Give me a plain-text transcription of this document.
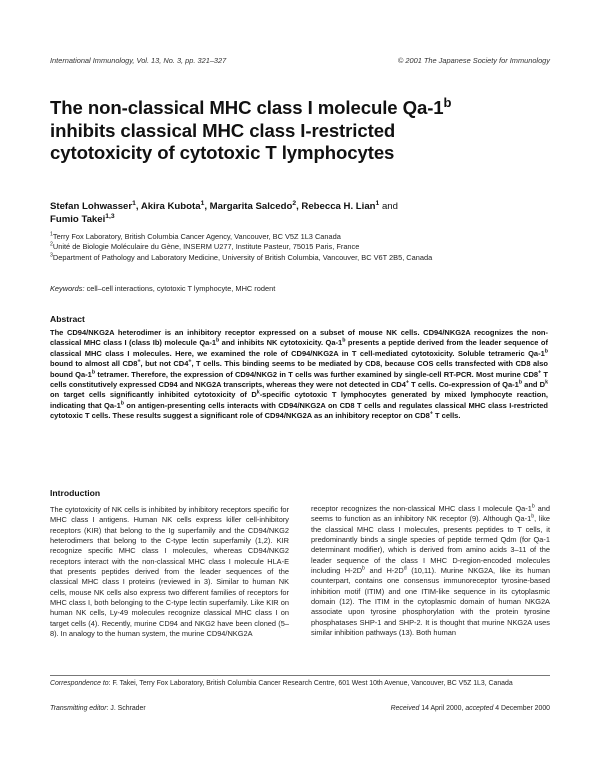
International Immunology, Vol. 13, No. 3, pp. 321–327	© 2001 The Japanese Society for Immunology
The non-classical MHC class I molecule Qa-1$^b$ inhibits classical MHC class I-restricted cytotoxicity of cytotoxic T lymphocytes
Stefan Lohwasser$^1$, Akira Kubota$^1$, Margarita Salcedo$^2$, Rebecca H. Lian$^1$ and
Fumio Takei$^{1,3}$
$^1$Terry Fox Laboratory, British Columbia Cancer Agency, Vancouver, BC V5Z 1L3 Canada
$^2$Unité de Biologie Moléculaire du Gène, INSERM U277, Institute Pasteur, 75015 Paris, France
$^3$Department of Pathology and Laboratory Medicine, University of British Columbia, Vancouver, BC V6T 2B5, Canada
Keywords: cell–cell interactions, cytotoxic T lymphocyte, MHC rodent
Abstract
The CD94/NKG2A heterodimer is an inhibitory receptor expressed on a subset of mouse NK cells. CD94/NKG2A recognizes the non-classical MHC class I (class Ib) molecule Qa-1$^b$ and inhibits NK cytotoxicity. Qa-1$^b$ presents a peptide derived from the leader sequence of classical MHC class I molecules. Here, we examined the role of CD94/NKG2A in T cell-mediated cytotoxicity. Soluble tetrameric Qa-1$^b$ bound to almost all CD8+, but not CD4+, T cells. This binding seems to be mediated by CD8, because COS cells transfected with CD8 also bound Qa-1$^b$ tetramer. Therefore, the expression of CD94/NKG2 in T cells was further examined by single-cell RT-PCR. Most murine CD8+ T cells constitutively expressed CD94 and NKG2A transcripts, whereas they were not detected in CD4+ T cells. Co-expression of Qa-1$^b$ and $D^k$ on target cells significantly inhibited cytotoxicity of $D^k$-specific cytotoxic T lymphocytes generated by mixed lymphocyte reaction, indicating that Qa-1$^b$ on antigen-presenting cells interacts with CD94/NKG2A on CD8 T cells and regulates classical MHC class I-restricted cytotoxic T cells. These results suggest a significant role of CD94/NKG2A as an inhibitory receptor on CD8+ T cells.
Introduction

The cytotoxicity of NK cells is inhibited by inhibitory receptors specific for MHC class I antigens. Human NK cells express killer cell-inhibitory receptors (KIR) that belong to the Ig superfamily and the CD94/NKG2 heterodimers that belong to the C-type lectin superfamily (1,2). KIR recognize specific MHC class I molecules, whereas CD94/NKG2 receptors interact with the non-classical MHC class I molecule HLA-E that presents peptides derived from the leader sequences of the classical MHC class I proteins (reviewed in 3). Similar to human NK cells, mouse NK cells also express two different families of receptors for MHC class I, both belonging to the C-type lectin superfamily. Like KIR on human NK cells, Ly-49 molecules recognize classical MHC class I on target cells (4). Recently, murine CD94 and NKG2 have been cloned (5–8). In analogy to the human system, the murine CD94/NKG2A

receptor recognizes the non-classical MHC class I molecule Qa-1$^b$ and seems to function as an inhibitory NK receptor (9). Although Qa-1$^b$, like the classical MHC class I molecules, presents peptides to T cells, it predominantly binds a single species of peptide termed Qdm (for Qa-1 determinant modifier), which is derived from amino acids 3–11 of the leader sequence of the class I MHC D-region-encoded molecules including $H-2D^b$ and $H-2D^d$ (10,11). Murine NKG2A, like its human counterpart, contains one consensus immunoreceptor tyrosine-based inhibition motif (ITIM) and one ITIM-like sequence in its cytoplasmic domain (12). The ITIM in the cytoplasmic domain of human NKG2A associate upon tyrosine phosphorylation with the protein tyrosine phosphatases SHP-1 and SHP-2. It is thought that murine NKG2A uses similar inhibition pathways (13). Both human

Correspondence to: F. Takei, Terry Fox Laboratory, British Columbia Cancer Research Centre, 601 West 10th Avenue, Vancouver, BC V5Z 1L3, Canada
Transmitting editor: J. Schrader	Received 14 April 2000, accepted 4 December 2000
